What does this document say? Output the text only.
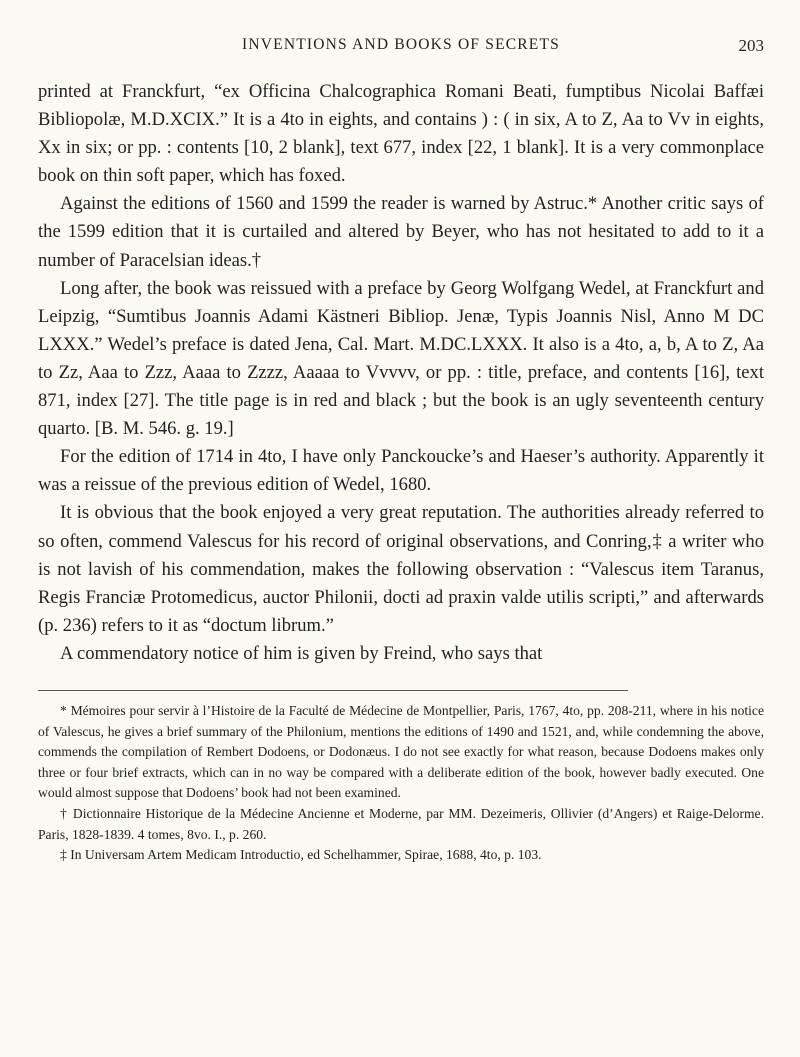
INVENTIONS AND BOOKS OF SECRETS	203

printed at Franckfurt, “ex Officina Chalcographica Romani Beati, fumptibus Nicolai Baffæi Bibliopolæ, M.D.XCIX.” It is a 4to in eights, and contains ) : ( in six, A to Z, Aa to Vv in eights, Xx in six; or pp. : contents [10, 2 blank], text 677, index [22, 1 blank]. It is a very commonplace book on thin soft paper, which has foxed.

Against the editions of 1560 and 1599 the reader is warned by Astruc.* Another critic says of the 1599 edition that it is curtailed and altered by Beyer, who has not hesitated to add to it a number of Paracelsian ideas.†

Long after, the book was reissued with a preface by Georg Wolfgang Wedel, at Franckfurt and Leipzig, “Sumtibus Joannis Adami Kästneri Bibliop. Jenæ, Typis Joannis Nisl, Anno M DC LXXX.” Wedel’s preface is dated Jena, Cal. Mart. M.DC.LXXX. It also is a 4to, a, b, A to Z, Aa to Zz, Aaa to Zzz, Aaaa to Zzzz, Aaaaa to Vvvvv, or pp. : title, preface, and contents [16], text 871, index [27]. The title page is in red and black ; but the book is an ugly seventeenth century quarto. [B. M. 546. g. 19.]

For the edition of 1714 in 4to, I have only Panckoucke’s and Haeser’s authority. Apparently it was a reissue of the previous edition of Wedel, 1680.

It is obvious that the book enjoyed a very great reputation. The authorities already referred to so often, commend Valescus for his record of original observations, and Conring,‡ a writer who is not lavish of his commendation, makes the following observation : “Valescus item Taranus, Regis Franciæ Protomedicus, auctor Philonii, docti ad praxin valde utilis scripti,” and afterwards (p. 236) refers to it as “doctum librum.”

A commendatory notice of him is given by Freind, who says that

* Mémoires pour servir à l’Histoire de la Faculté de Médecine de Montpellier, Paris, 1767, 4to, pp. 208-211, where in his notice of Valescus, he gives a brief summary of the Philonium, mentions the editions of 1490 and 1521, and, while condemning the above, commends the compilation of Rembert Dodoens, or Dodonæus. I do not see exactly for what reason, because Dodoens makes only three or four brief extracts, which can in no way be compared with a deliberate edition of the book, however badly executed. One would almost suppose that Dodoens’ book had not been examined.

† Dictionnaire Historique de la Médecine Ancienne et Moderne, par MM. Dezeimeris, Ollivier (d’Angers) et Raige-Delorme. Paris, 1828-1839. 4 tomes, 8vo. I., p. 260.

‡ In Universam Artem Medicam Introductio, ed Schelhammer, Spirae, 1688, 4to, p. 103.
